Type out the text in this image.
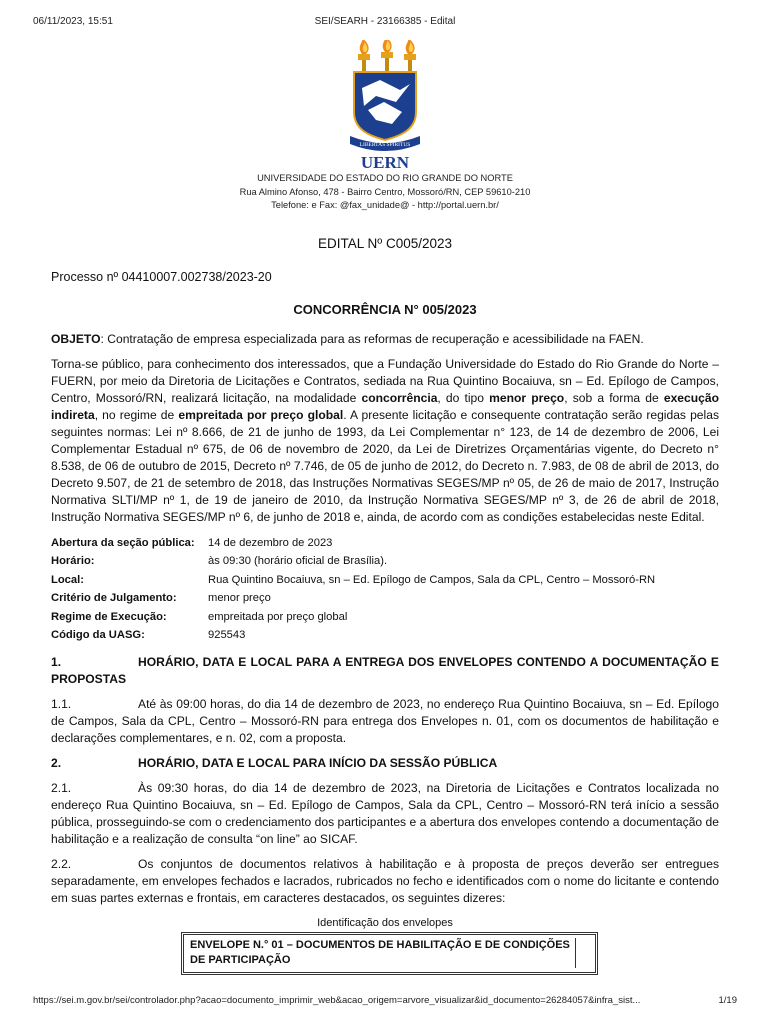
06/11/2023, 15:51	SEI/SEARH - 23166385 - Edital
LIBERTAS SPIRITUS
UERN
UNIVERSIDADE DO ESTADO DO RIO GRANDE DO NORTE
Rua Almino Afonso, 478 - Bairro Centro, Mossoró/RN, CEP 59610-210
Telefone: e Fax: @fax_unidade@ - http://portal.uern.br/
EDITAL Nº C005/2023
Processo nº 04410007.002738/2023-20
CONCORRÊNCIA N° 005/2023

OBJETO: Contratação de empresa especializada para as reformas de recuperação e acessibilidade na FAEN.

Torna-se público, para conhecimento dos interessados, que a Fundação Universidade do Estado do Rio Grande do Norte – FUERN, por meio da Diretoria de Licitações e Contratos, sediada na Rua Quintino Bocaiuva, sn – Ed. Epílogo de Campos, Centro, Mossoró/RN, realizará licitação, na modalidade concorrência, do tipo menor preço, sob a forma de execução indireta, no regime de empreitada por preço global. A presente licitação e consequente contratação serão regidas pelas seguintes normas: Lei nº 8.666, de 21 de junho de 1993, da Lei Complementar n° 123, de 14 de dezembro de 2006, Lei Complementar Estadual nº 675, de 06 de novembro de 2020, da Lei de Diretrizes Orçamentárias vigente, do Decreto n° 8.538, de 06 de outubro de 2015, Decreto nº 7.746, de 05 de junho de 2012, do Decreto n. 7.983, de 08 de abril de 2013, do Decreto 9.507, de 21 de setembro de 2018, das Instruções Normativas SEGES/MP nº 05, de 26 de maio de 2017, Instrução Normativa SLTI/MP nº 1, de 19 de janeiro de 2010, da Instrução Normativa SEGES/MP nº 3, de 26 de abril de 2018, Instrução Normativa SEGES/MP nº 6, de junho de 2018 e, ainda, de acordo com as condições estabelecidas neste Edital.

Abertura da seção pública:	14 de dezembro de 2023
Horário:	às 09:30 (horário oficial de Brasília).
Local:	Rua Quintino Bocaiuva, sn – Ed. Epílogo de Campos, Sala da CPL, Centro – Mossoró-RN
Critério de Julgamento:	menor preço
Regime de Execução:	empreitada por preço global
Código da UASG:	925543
1.	HORÁRIO, DATA E LOCAL PARA A ENTREGA DOS ENVELOPES CONTENDO A DOCUMENTAÇÃO E PROPOSTAS

1.1.	Até às 09:00 horas, do dia 14 de dezembro de 2023, no endereço Rua Quintino Bocaiuva, sn – Ed. Epílogo de Campos, Sala da CPL, Centro – Mossoró-RN para entrega dos Envelopes n. 01, com os documentos de habilitação e declarações complementares, e n. 02, com a proposta.

2.	HORÁRIO, DATA E LOCAL PARA INÍCIO DA SESSÃO PÚBLICA

2.1.	Às 09:30 horas, do dia 14 de dezembro de 2023, na Diretoria de Licitações e Contratos localizada no endereço Rua Quintino Bocaiuva, sn – Ed. Epílogo de Campos, Sala da CPL, Centro – Mossoró-RN terá início a sessão pública, prosseguindo-se com o credenciamento dos participantes e a abertura dos envelopes contendo a documentação de habilitação e a realização de consulta “on line” ao SICAF.

2.2.	Os conjuntos de documentos relativos à habilitação e à proposta de preços deverão ser entregues separadamente, em envelopes fechados e lacrados, rubricados no fecho e identificados com o nome do licitante e contendo em suas partes externas e frontais, em caracteres destacados, os seguintes dizeres:

Identificação dos envelopes
ENVELOPE N.° 01 – DOCUMENTOS DE HABILITAÇÃO E DE CONDIÇÕES DE PARTICIPAÇÃO
https://sei.m.gov.br/sei/controlador.php?acao=documento_imprimir_web&acao_origem=arvore_visualizar&id_documento=26284057&infra_sist...	1/19
